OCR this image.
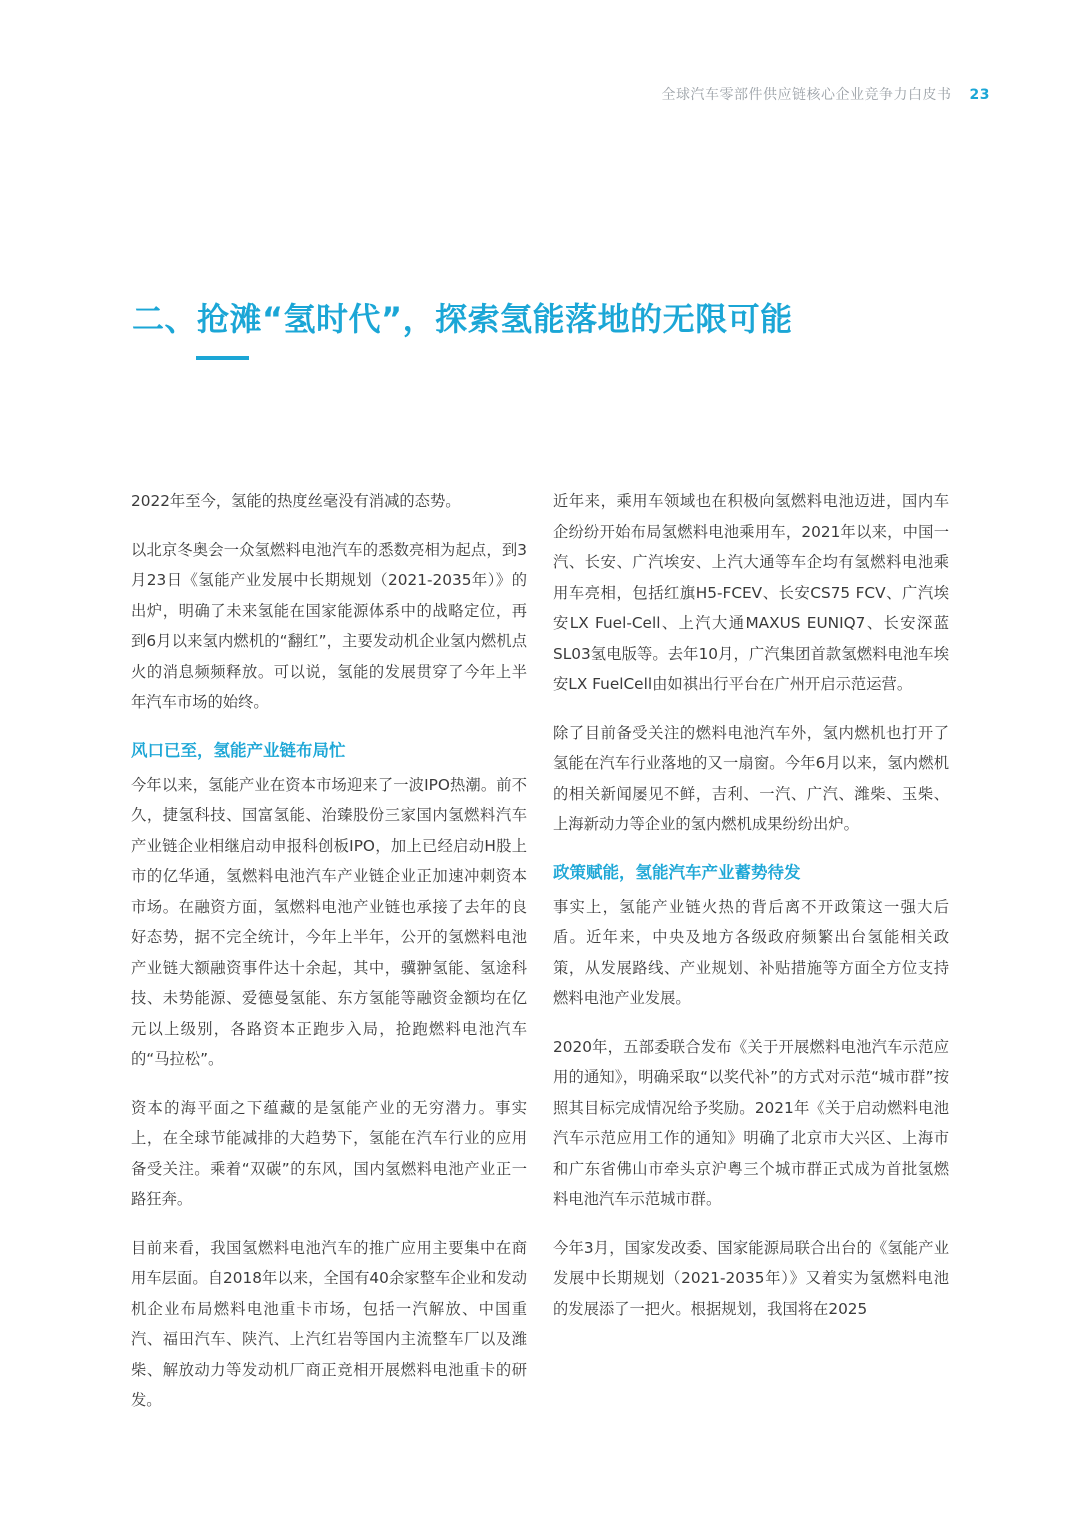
全球汽车零部件供应链核心企业竞争力白皮书 23
二、抢滩“氢时代”，探索氢能落地的无限可能

2022年至今，氢能的热度丝毫没有消减的态势。

以北京冬奥会一众氢燃料电池汽车的悉数亮相为起点，到3月23日《氢能产业发展中长期规划（2021-2035年）》的出炉，明确了未来氢能在国家能源体系中的战略定位，再到6月以来氢内燃机的“翻红”，主要发动机企业氢内燃机点火的消息频频释放。可以说，氢能的发展贯穿了今年上半年汽车市场的始终。

风口已至，氢能产业链布局忙

今年以来，氢能产业在资本市场迎来了一波IPO热潮。前不久，捷氢科技、国富氢能、治臻股份三家国内氢燃料汽车产业链企业相继启动申报科创板IPO，加上已经启动H股上市的亿华通，氢燃料电池汽车产业链企业正加速冲刺资本市场。在融资方面，氢燃料电池产业链也承接了去年的良好态势，据不完全统计，今年上半年，公开的氢燃料电池产业链大额融资事件达十余起，其中，骥翀氢能、氢途科技、未势能源、爱德曼氢能、东方氢能等融资金额均在亿元以上级别，各路资本正跑步入局，抢跑燃料电池汽车的“马拉松”。

资本的海平面之下蕴藏的是氢能产业的无穷潜力。事实上，在全球节能减排的大趋势下，氢能在汽车行业的应用备受关注。乘着“双碳”的东风，国内氢燃料电池产业正一路狂奔。

目前来看，我国氢燃料电池汽车的推广应用主要集中在商用车层面。自2018年以来，全国有40余家整车企业和发动机企业布局燃料电池重卡市场，包括一汽解放、中国重汽、福田汽车、陕汽、上汽红岩等国内主流整车厂以及潍柴、解放动力等发动机厂商正竞相开展燃料电池重卡的研发。

近年来，乘用车领域也在积极向氢燃料电池迈进，国内车企纷纷开始布局氢燃料电池乘用车，2021年以来，中国一汽、长安、广汽埃安、上汽大通等车企均有氢燃料电池乘用车亮相，包括红旗H5-FCEV、长安CS75 FCV、广汽埃安LX Fuel-Cell、上汽大通MAXUS EUNIQ7、长安深蓝SL03氢电版等。去年10月，广汽集团首款氢燃料电池车埃安LX FuelCell由如祺出行平台在广州开启示范运营。

除了目前备受关注的燃料电池汽车外，氢内燃机也打开了氢能在汽车行业落地的又一扇窗。今年6月以来，氢内燃机的相关新闻屡见不鲜，吉利、一汽、广汽、潍柴、玉柴、上海新动力等企业的氢内燃机成果纷纷出炉。

政策赋能，氢能汽车产业蓄势待发

事实上，氢能产业链火热的背后离不开政策这一强大后盾。近年来，中央及地方各级政府频繁出台氢能相关政策，从发展路线、产业规划、补贴措施等方面全方位支持燃料电池产业发展。

2020年，五部委联合发布《关于开展燃料电池汽车示范应用的通知》，明确采取“以奖代补”的方式对示范“城市群”按照其目标完成情况给予奖励。2021年《关于启动燃料电池汽车示范应用工作的通知》明确了北京市大兴区、上海市和广东省佛山市牵头京沪粤三个城市群正式成为首批氢燃料电池汽车示范城市群。

今年3月，国家发改委、国家能源局联合出台的《氢能产业发展中长期规划（2021-2035年）》又着实为氢燃料电池的发展添了一把火。根据规划，我国将在2025
